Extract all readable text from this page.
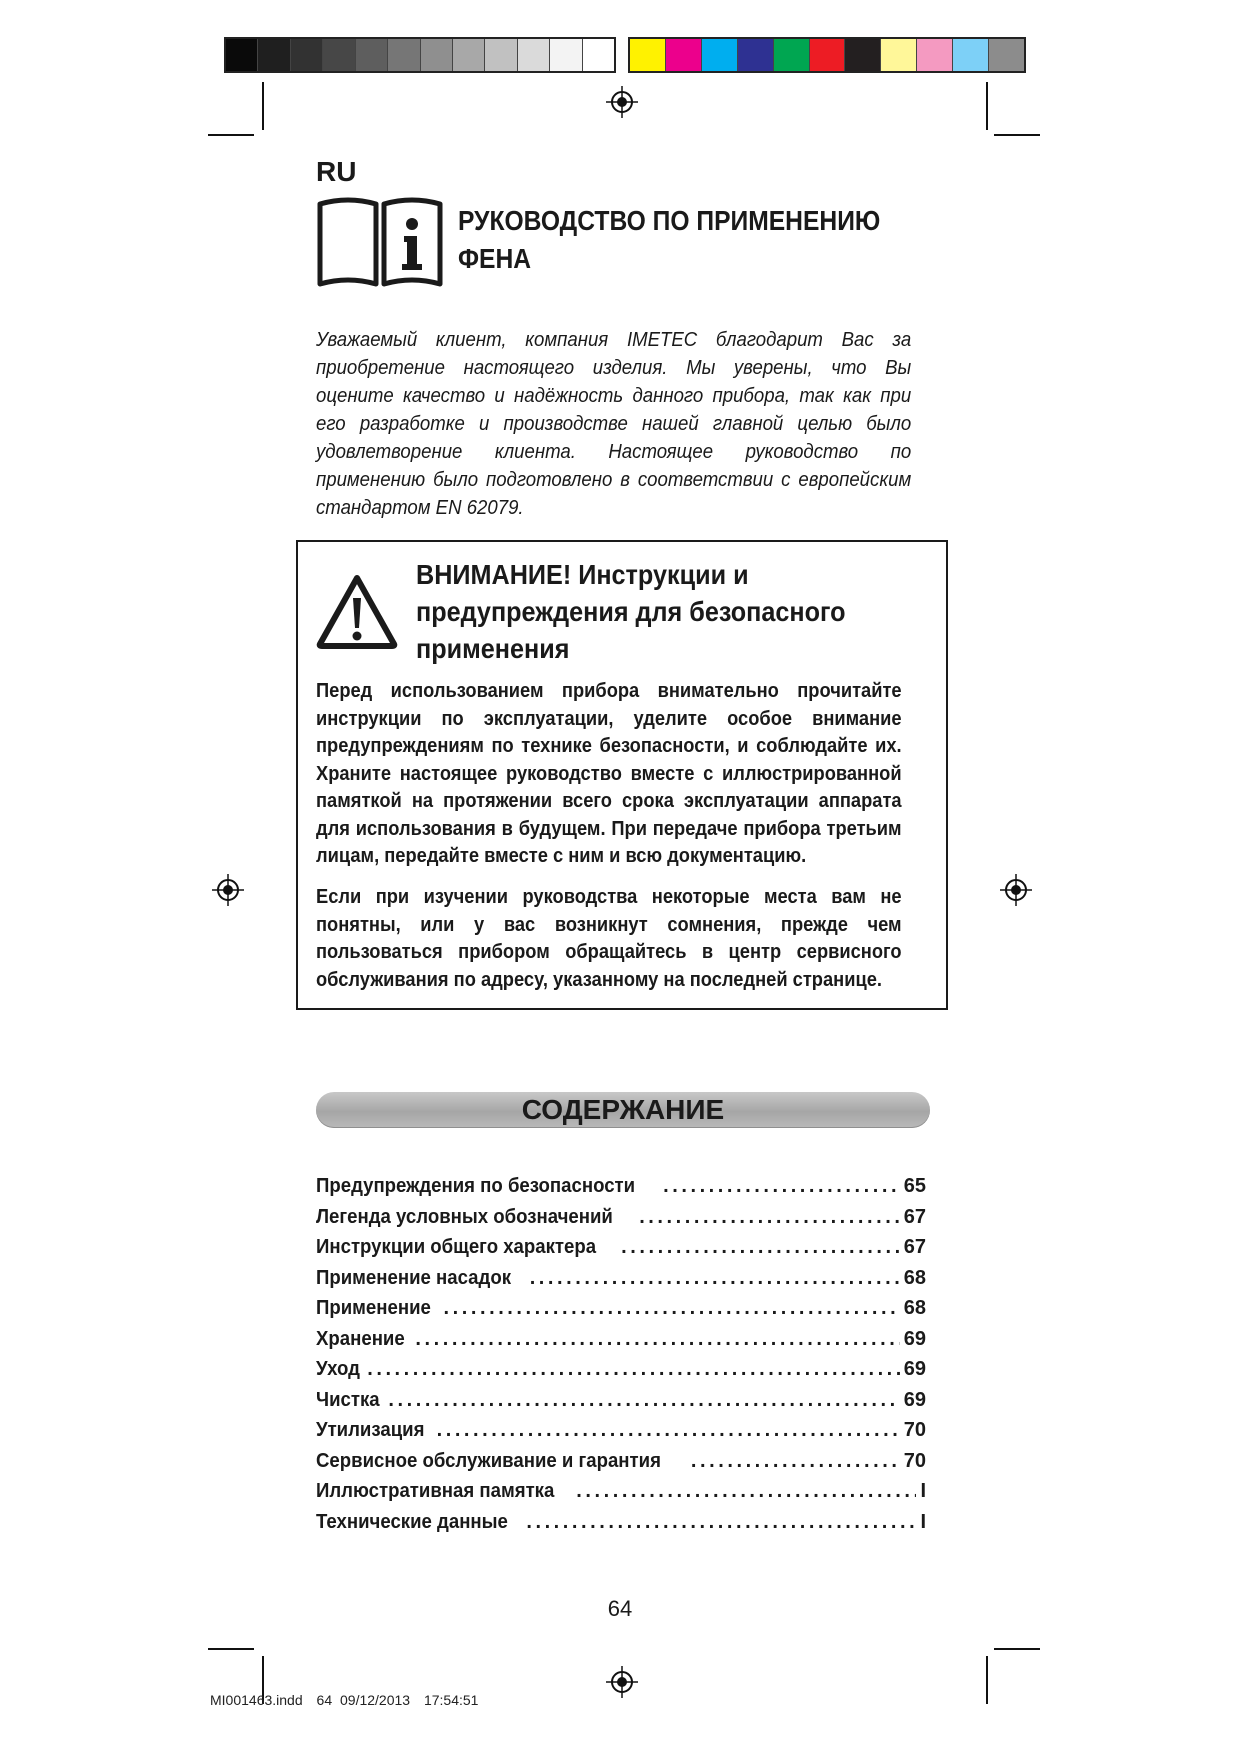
RU
РУКОВОДСТВО ПО ПРИМЕНЕНИЮ
ФЕНА
Уважаемый клиент, компания IMETEC благодарит Вас за приобретение настоящего изделия. Мы уверены, что Вы оцените качество и надёжность данного прибора, так как при его разработке и производстве нашей главной целью было удовлетворение клиента. Настоящее руководство по применению было подготовлено в соответствии с европейским стандартом EN 62079.
ВНИМАНИЕ! Инструкции и
предупреждения для безопасного
применения
Перед использованием прибора внимательно прочитайте инструкции по эксплуатации, уделите особое внимание предупреждениям по технике безопасности, и соблюдайте их. Храните настоящее руководство вместе с иллюстрированной памяткой на протяжении всего срока эксплуатации аппарата для использования в будущем. При передаче прибора третьим лицам, передайте вместе с ним и всю документацию.
Если при изучении руководства некоторые места вам не понятны, или у вас возникнут сомнения, прежде чем пользоваться прибором обращайтесь в центр сервисного обслуживания по адресу, указанному на последней странице.
СОДЕРЖАНИЕ
Предупреждения по безопасности . . .	65
Легенда условных обозначений . . .	67
Инструкции общего характера . . .	67
Применение насадок . . .	68
Применение . . .	68
Хранение . . .	69
Уход . . .	69
Чистка . . .	69
Утилизация . . .	70
Сервисное обслуживание и гарантия . . .	70
Иллюстративная памятка . . .	I
Технические данные . . .	I
64
MI001463.indd 64 09/12/2013 17:54:51
